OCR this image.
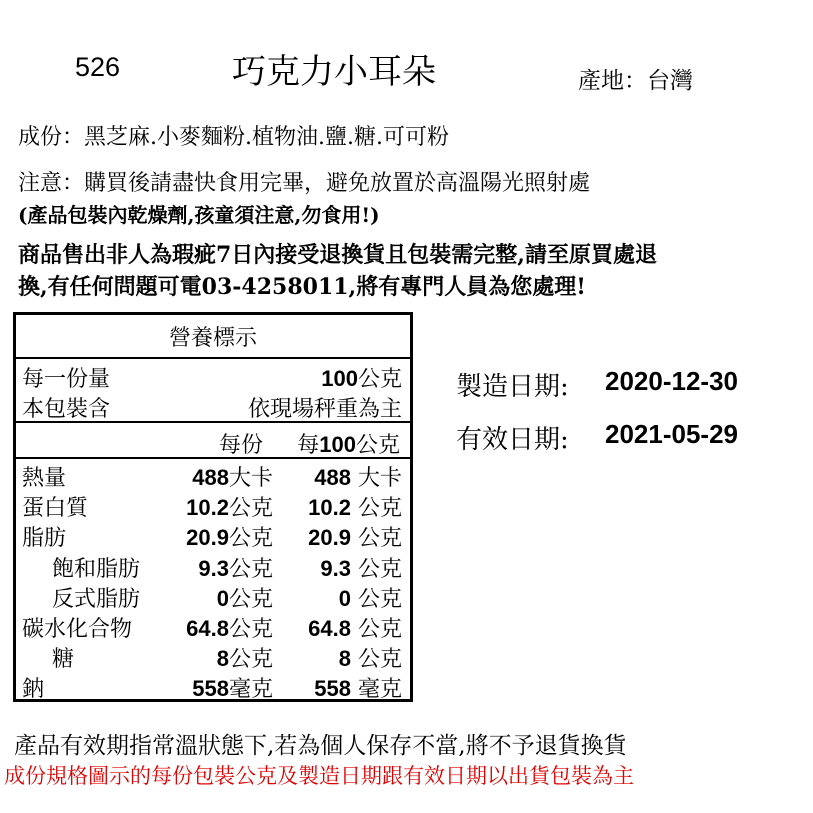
526	巧克力小耳朵	產地：台灣
成份：黑芝麻.小麥麵粉.植物油.鹽.糖.可可粉
注意：購買後請盡快食用完畢，避免放置於高溫陽光照射處
(產品包裝內乾燥劑,孩童須注意,勿食用!)
商品售出非人為瑕疵7日內接受退換貨且包裝需完整,請至原買處退
換,有任何問題可電03-4258011,將有專門人員為您處理!
營養標示
每一份量	100公克
本包裝含	依現場秤重為主
每份 每100公克
熱量	488大卡 488 大卡
蛋白質	10.2公克 10.2 公克
脂肪	20.9公克 20.9 公克
飽和脂肪	9.3公克 9.3 公克
反式脂肪	0公克	0 公克
碳水化合物 64.8公克 64.8 公克
糖	8公克	8 公克
鈉	558毫克 558 毫克
製造日期: 2020-12-30
有效日期: 2021-05-29
產品有效期指常溫狀態下,若為個人保存不當,將不予退貨換貨
成份規格圖示的每份包裝公克及製造日期跟有效日期以出貨包裝為主
